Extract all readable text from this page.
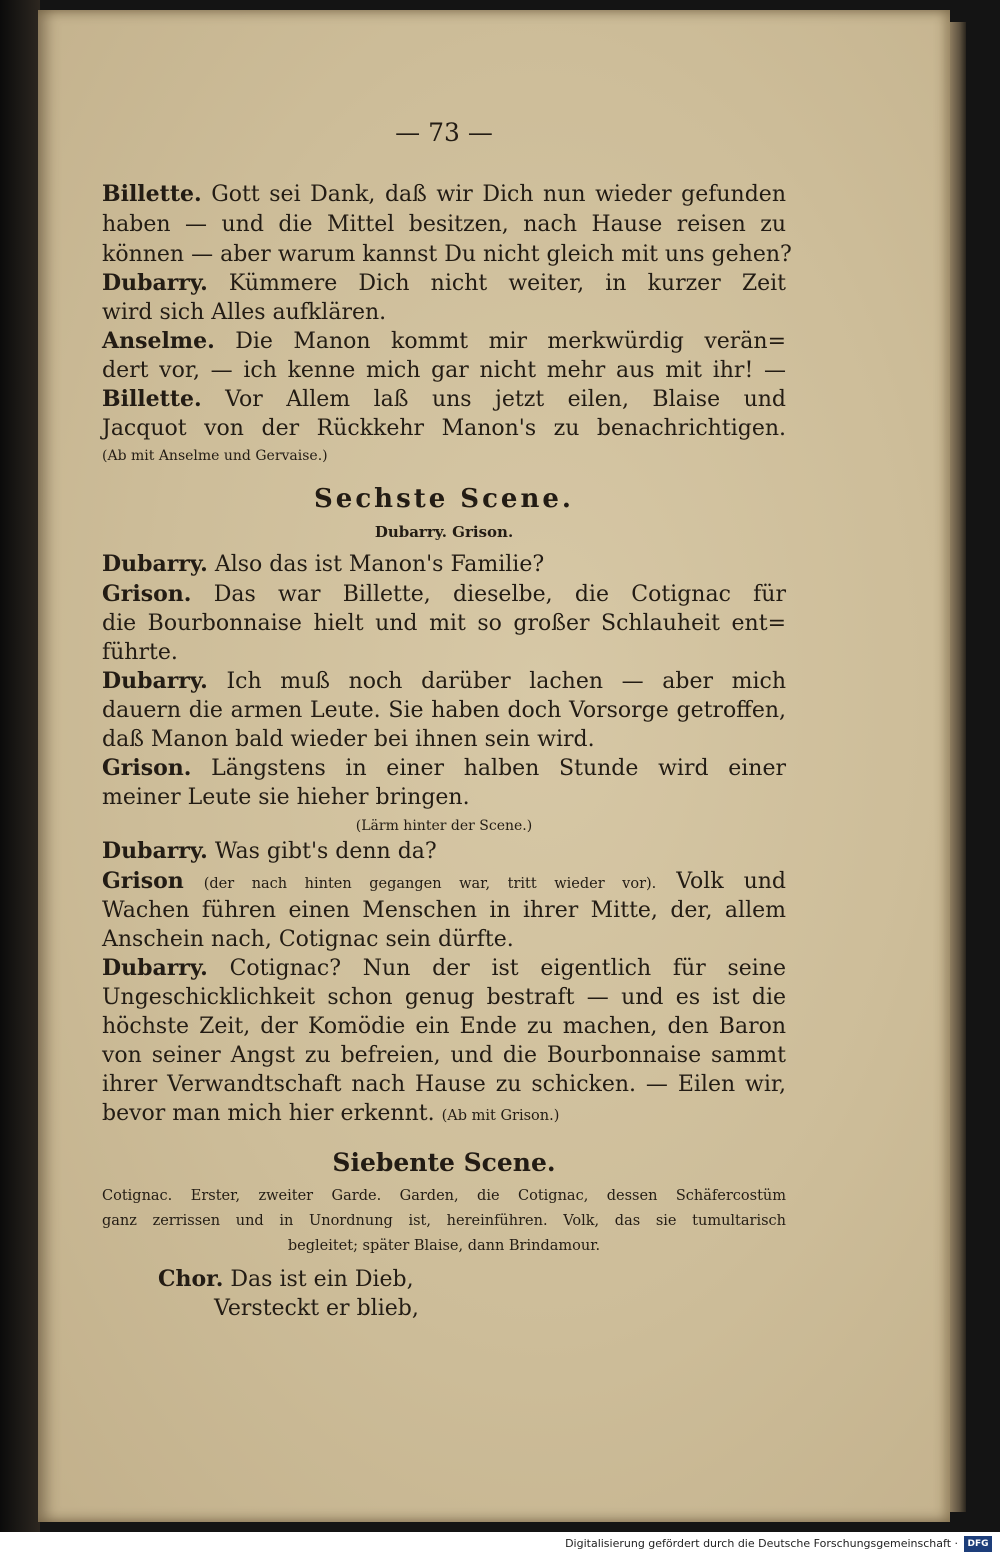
— 73 —
Billette. Gott sei Dank, daß wir Dich nun wieder gefunden
haben — und die Mittel besitzen, nach Hause reisen zu
können — aber warum kannst Du nicht gleich mit uns gehen?
Dubarry. Kümmere Dich nicht weiter, in kurzer Zeit
wird sich Alles aufklären.
Anselme. Die Manon kommt mir merkwürdig verän=
dert vor, — ich kenne mich gar nicht mehr aus mit ihr! —
Billette. Vor Allem laß uns jetzt eilen, Blaise und
Jacquot von der Rückkehr Manon's zu benachrichtigen.
(Ab mit Anselme und Gervaise.)
Sechste Scene.
Dubarry. Grison.
Dubarry. Also das ist Manon's Familie?
Grison. Das war Billette, dieselbe, die Cotignac für
die Bourbonnaise hielt und mit so großer Schlauheit ent=
führte.
Dubarry. Ich muß noch darüber lachen — aber mich
dauern die armen Leute. Sie haben doch Vorsorge getroffen,
daß Manon bald wieder bei ihnen sein wird.
Grison. Längstens in einer halben Stunde wird einer
meiner Leute sie hieher bringen.
(Lärm hinter der Scene.)
Dubarry. Was gibt's denn da?
Grison (der nach hinten gegangen war, tritt wieder vor). Volk und
Wachen führen einen Menschen in ihrer Mitte, der, allem
Anschein nach, Cotignac sein dürfte.
Dubarry. Cotignac? Nun der ist eigentlich für seine
Ungeschicklichkeit schon genug bestraft — und es ist die
höchste Zeit, der Komödie ein Ende zu machen, den Baron
von seiner Angst zu befreien, und die Bourbonnaise sammt
ihrer Verwandtschaft nach Hause zu schicken. — Eilen wir,
bevor man mich hier erkennt. (Ab mit Grison.)
Siebente Scene.
Cotignac. Erster, zweiter Garde. Garden, die Cotignac, dessen Schäfercostüm
ganz zerrissen und in Unordnung ist, hereinführen. Volk, das sie tumultarisch
begleitet; später Blaise, dann Brindamour.
Chor. Das ist ein Dieb,
Versteckt er blieb,
Digitalisierung gefördert durch die Deutsche Forschungsgemeinschaft ·	DFG
